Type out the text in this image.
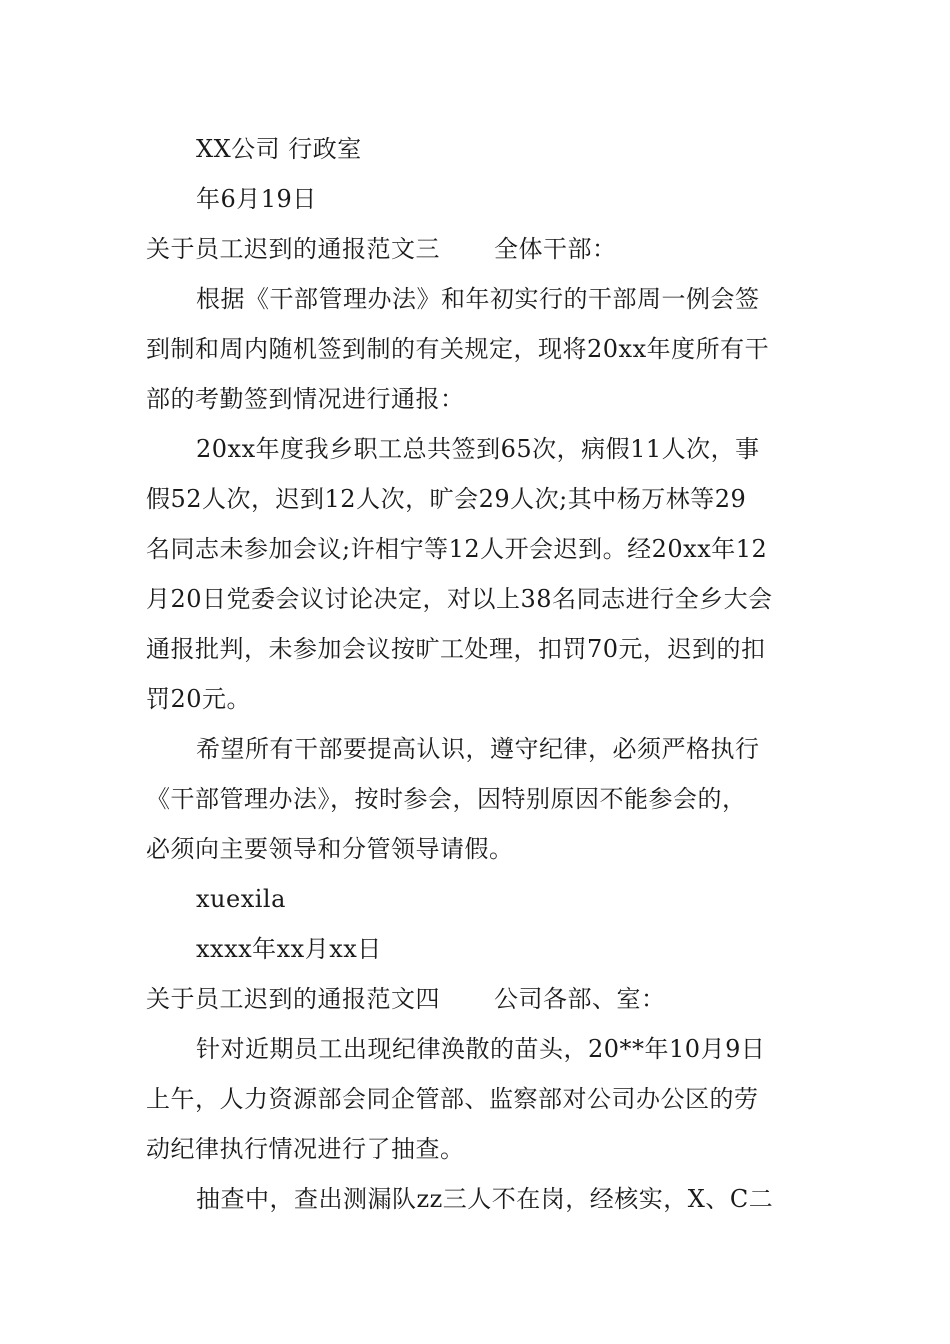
XX公司 行政室
年6月19日
关于员工迟到的通报范文三 全体干部：
根据《干部管理办法》和年初实行的干部周一例会签
到制和周内随机签到制的有关规定，现将20xx年度所有干
部的考勤签到情况进行通报：
20xx年度我乡职工总共签到65次，病假11人次，事
假52人次，迟到12人次，旷会29人次;其中杨万林等29
名同志未参加会议;许相宁等12人开会迟到。经20xx年12
月20日党委会议讨论决定，对以上38名同志进行全乡大会
通报批判，未参加会议按旷工处理，扣罚70元，迟到的扣
罚20元。
希望所有干部要提高认识，遵守纪律，必须严格执行
《干部管理办法》，按时参会，因特别原因不能参会的，
必须向主要领导和分管领导请假。
xuexila
xxxx年xx月xx日
关于员工迟到的通报范文四 公司各部、室：
针对近期员工出现纪律涣散的苗头，20**年10月9日
上午，人力资源部会同企管部、监察部对公司办公区的劳
动纪律执行情况进行了抽查。
抽查中，查出测漏队zz三人不在岗，经核实，X、C二
